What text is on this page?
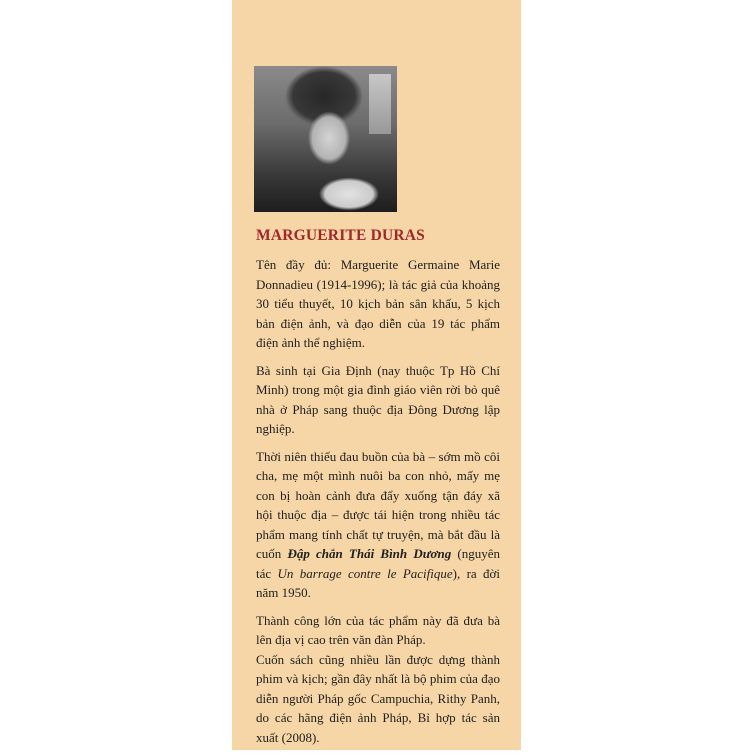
MARGUERITE DURAS

Tên đầy đủ: Marguerite Germaine Marie Donnadieu (1914-1996); là tác giả của khoảng 30 tiểu thuyết, 10 kịch bản sân khấu, 5 kịch bản điện ảnh, và đạo diễn của 19 tác phẩm điện ảnh thể nghiệm.

Bà sinh tại Gia Định (nay thuộc Tp Hồ Chí Minh) trong một gia đình giáo viên rời bỏ quê nhà ở Pháp sang thuộc địa Đông Dương lập nghiệp.

Thời niên thiếu đau buồn của bà – sớm mồ côi cha, mẹ một mình nuôi ba con nhỏ, mấy mẹ con bị hoàn cảnh đưa đẩy xuống tận đáy xã hội thuộc địa – được tái hiện trong nhiều tác phẩm mang tính chất tự truyện, mà bắt đầu là cuốn Đập chắn Thái Bình Dương (nguyên tác Un barrage contre le Pacifique), ra đời năm 1950.

Thành công lớn của tác phẩm này đã đưa bà lên địa vị cao trên văn đàn Pháp.

Cuốn sách cũng nhiều lần được dựng thành phim và kịch; gần đây nhất là bộ phim của đạo diễn người Pháp gốc Campuchia, Rithy Panh, do các hãng điện ảnh Pháp, Bỉ hợp tác sản xuất (2008).
